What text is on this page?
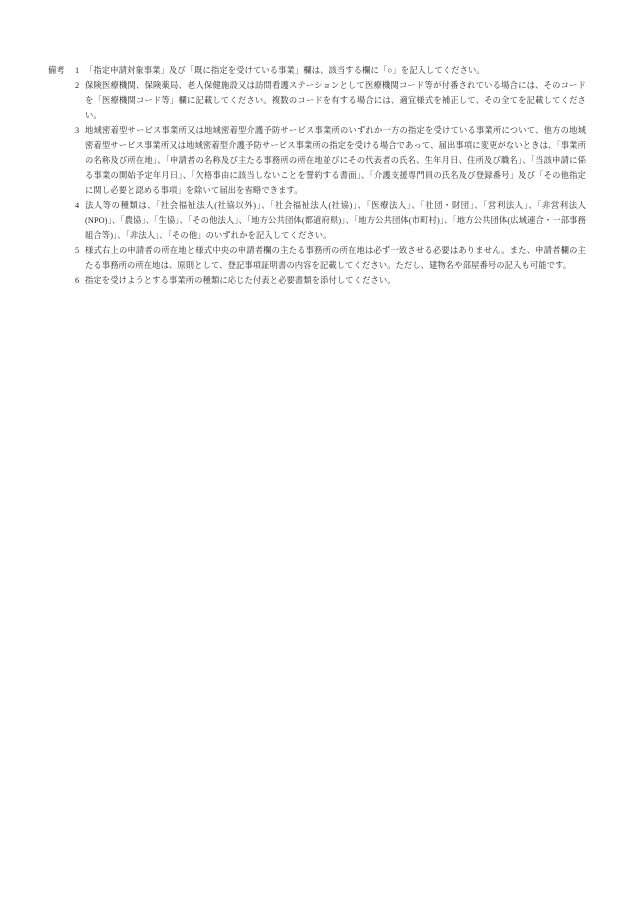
備考	1 「指定申請対象事業」及び「既に指定を受けている事業」欄は、該当する欄に「○」を記入してください。
2 保険医療機関、保険薬局、老人保健施設又は訪問看護ステーションとして医療機関コード等が付番されている場合には、そのコードを「医療機関コード等」欄に記載してください。複数のコードを有する場合には、適宜様式を補正して、その全てを記載してください。
3 地域密着型サービス事業所又は地域密着型介護予防サービス事業所のいずれか一方の指定を受けている事業所について、他方の地域密着型サービス事業所又は地域密着型介護予防サービス事業所の指定を受ける場合であって、届出事項に変更がないときは、「事業所の名称及び所在地」、「申請者の名称及び主たる事務所の所在地並びにその代表者の氏名、生年月日、住所及び職名」、「当該申請に係る事業の開始予定年月日」、「欠格事由に該当しないことを誓約する書面」、「介護支援専門員の氏名及び登録番号」及び「その他指定に関し必要と認める事項」を除いて届出を省略できます。
4 法人等の種類は、「社会福祉法人(社協以外)」、「社会福祉法人(社協)」、「医療法人」、「社団・財団」、「営利法人」、「非営利法人(NPO)」、「農協」、「生協」、「その他法人」、「地方公共団体(都道府県)」、「地方公共団体(市町村)」、「地方公共団体(広域連合・一部事務組合等)」、「非法人」、「その他」のいずれかを記入してください。
5 様式右上の申請者の所在地と様式中央の申請者欄の主たる事務所の所在地は必ず一致させる必要はありません。また、申請者欄の主たる事務所の所在地は、原則として、登記事項証明書の内容を記載してください。ただし、建物名や部屋番号の記入も可能です。
6 指定を受けようとする事業所の種類に応じた付表と必要書類を添付してください。
